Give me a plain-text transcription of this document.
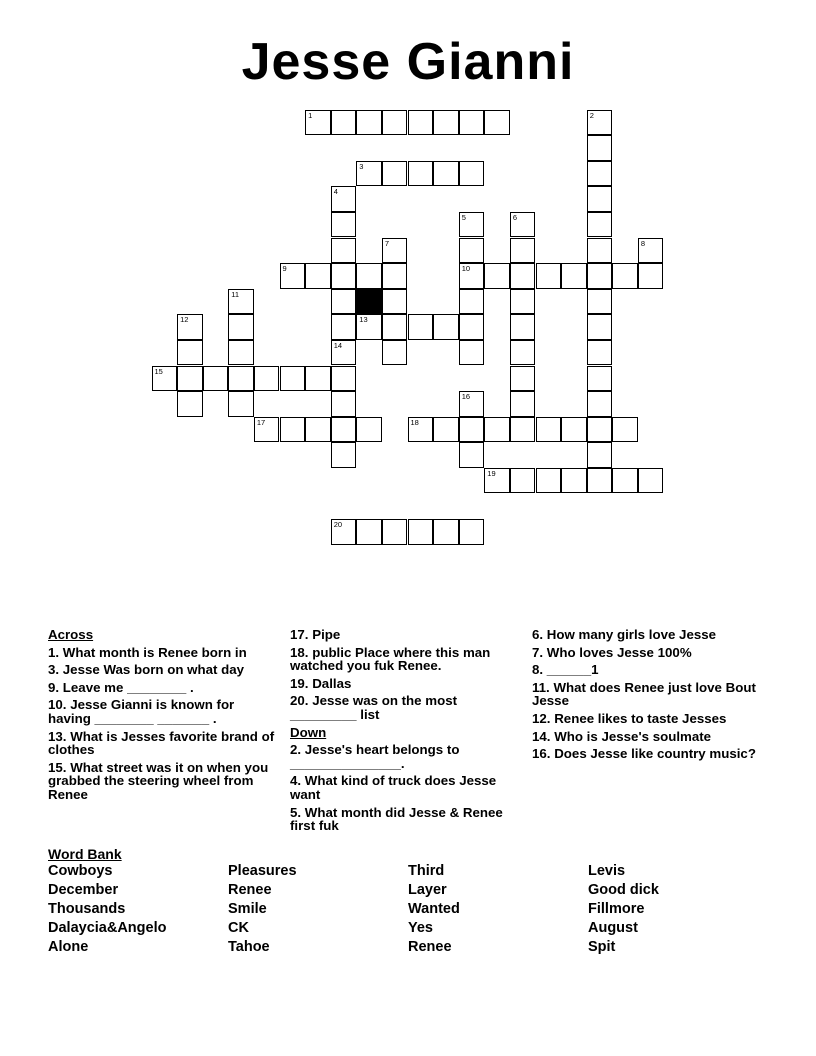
Jesse Gianni
1	2
3
4
14
5
10
6
7	8
9
11
12	13
15
16
17	18
19
20
Across
1. What month is Renee born in
3. Jesse Was born on what day
9. Leave me ________ .
10. Jesse Gianni is known for having ________ _______ .
13. What is Jesses favorite brand of clothes
15. What street was it on when you grabbed the steering wheel from Renee
17. Pipe
18. public Place where this man watched you fuk Renee.
19. Dallas
20. Jesse was on the most _________ list
Down
2. Jesse's heart belongs to _______________.
4. What kind of truck does Jesse want
5. What month did Jesse & Renee first fuk
6. How many girls love Jesse
7. Who loves Jesse 100%
8. ______1
11. What does Renee just love Bout Jesse
12. Renee likes to taste Jesses
14. Who is Jesse's soulmate
16. Does Jesse like country music?
Word Bank
Cowboys
December
Thousands
Dalaycia&Angelo
Alone
Pleasures
Renee
Smile
CK
Tahoe
Third
Layer
Wanted
Yes
Renee
Levis
Good dick
Fillmore
August
Spit
